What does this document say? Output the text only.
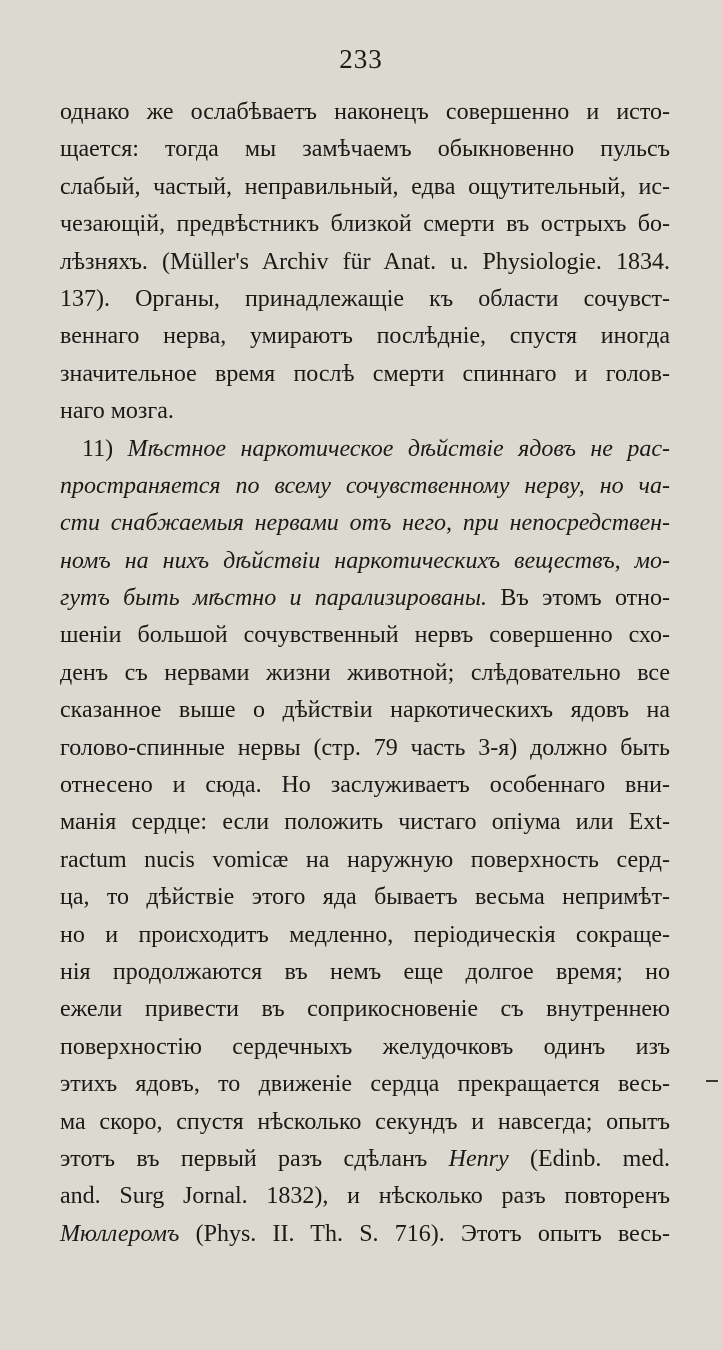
233
однако же ослабѣваетъ наконецъ совершенно и исто-
щается: тогда мы замѣчаемъ обыкновенно пульсъ
слабый, частый, неправильный, едва ощутительный, ис-
чезающій, предвѣстникъ близкой смерти въ острыхъ бо-
лѣзняхъ. (Müller's Archiv für Anat. u. Physiologie. 1834.
137). Органы, принадлежащіе къ области сочувст-
веннаго нерва, умираютъ послѣдніе, спустя иногда
значительное время послѣ смерти спиннаго и голов-
наго мозга.
11) Мѣстное наркотическое дѣйствіе ядовъ не рас-
пространяется по всему сочувственному нерву, но ча-
сти снабжаемыя нервами отъ него, при непосредствен-
номъ на нихъ дѣйствіи наркотическихъ веществъ, мо-
гутъ быть мѣстно и парализированы. Въ этомъ отно-
шеніи большой сочувственный нервъ совершенно схо-
денъ съ нервами жизни животной; слѣдовательно все
сказанное выше о дѣйствіи наркотическихъ ядовъ на
голово-спинные нервы (стр. 79 часть 3-я) должно быть
отнесено и сюда. Но заслуживаетъ особеннаго вни-
манія сердце: если положить чистаго опіума или Ext-
ractum nucis vomicæ на наружную поверхность серд-
ца, то дѣйствіе этого яда бываетъ весьма непримѣт-
но и происходитъ медленно, періодическія сокраще-
нія продолжаются въ немъ еще долгое время; но
ежели привести въ соприкосновеніе съ внутреннею
поверхностію сердечныхъ желудочковъ одинъ изъ
этихъ ядовъ, то движеніе сердца прекращается весь-
ма скоро, спустя нѣсколько секундъ и навсегда; опытъ
этотъ въ первый разъ сдѣланъ Henry (Edinb. med.
and. Surg Jornal. 1832), и нѣсколько разъ повторенъ
Мюллеромъ (Phys. II. Th. S. 716). Этотъ опытъ весь-
